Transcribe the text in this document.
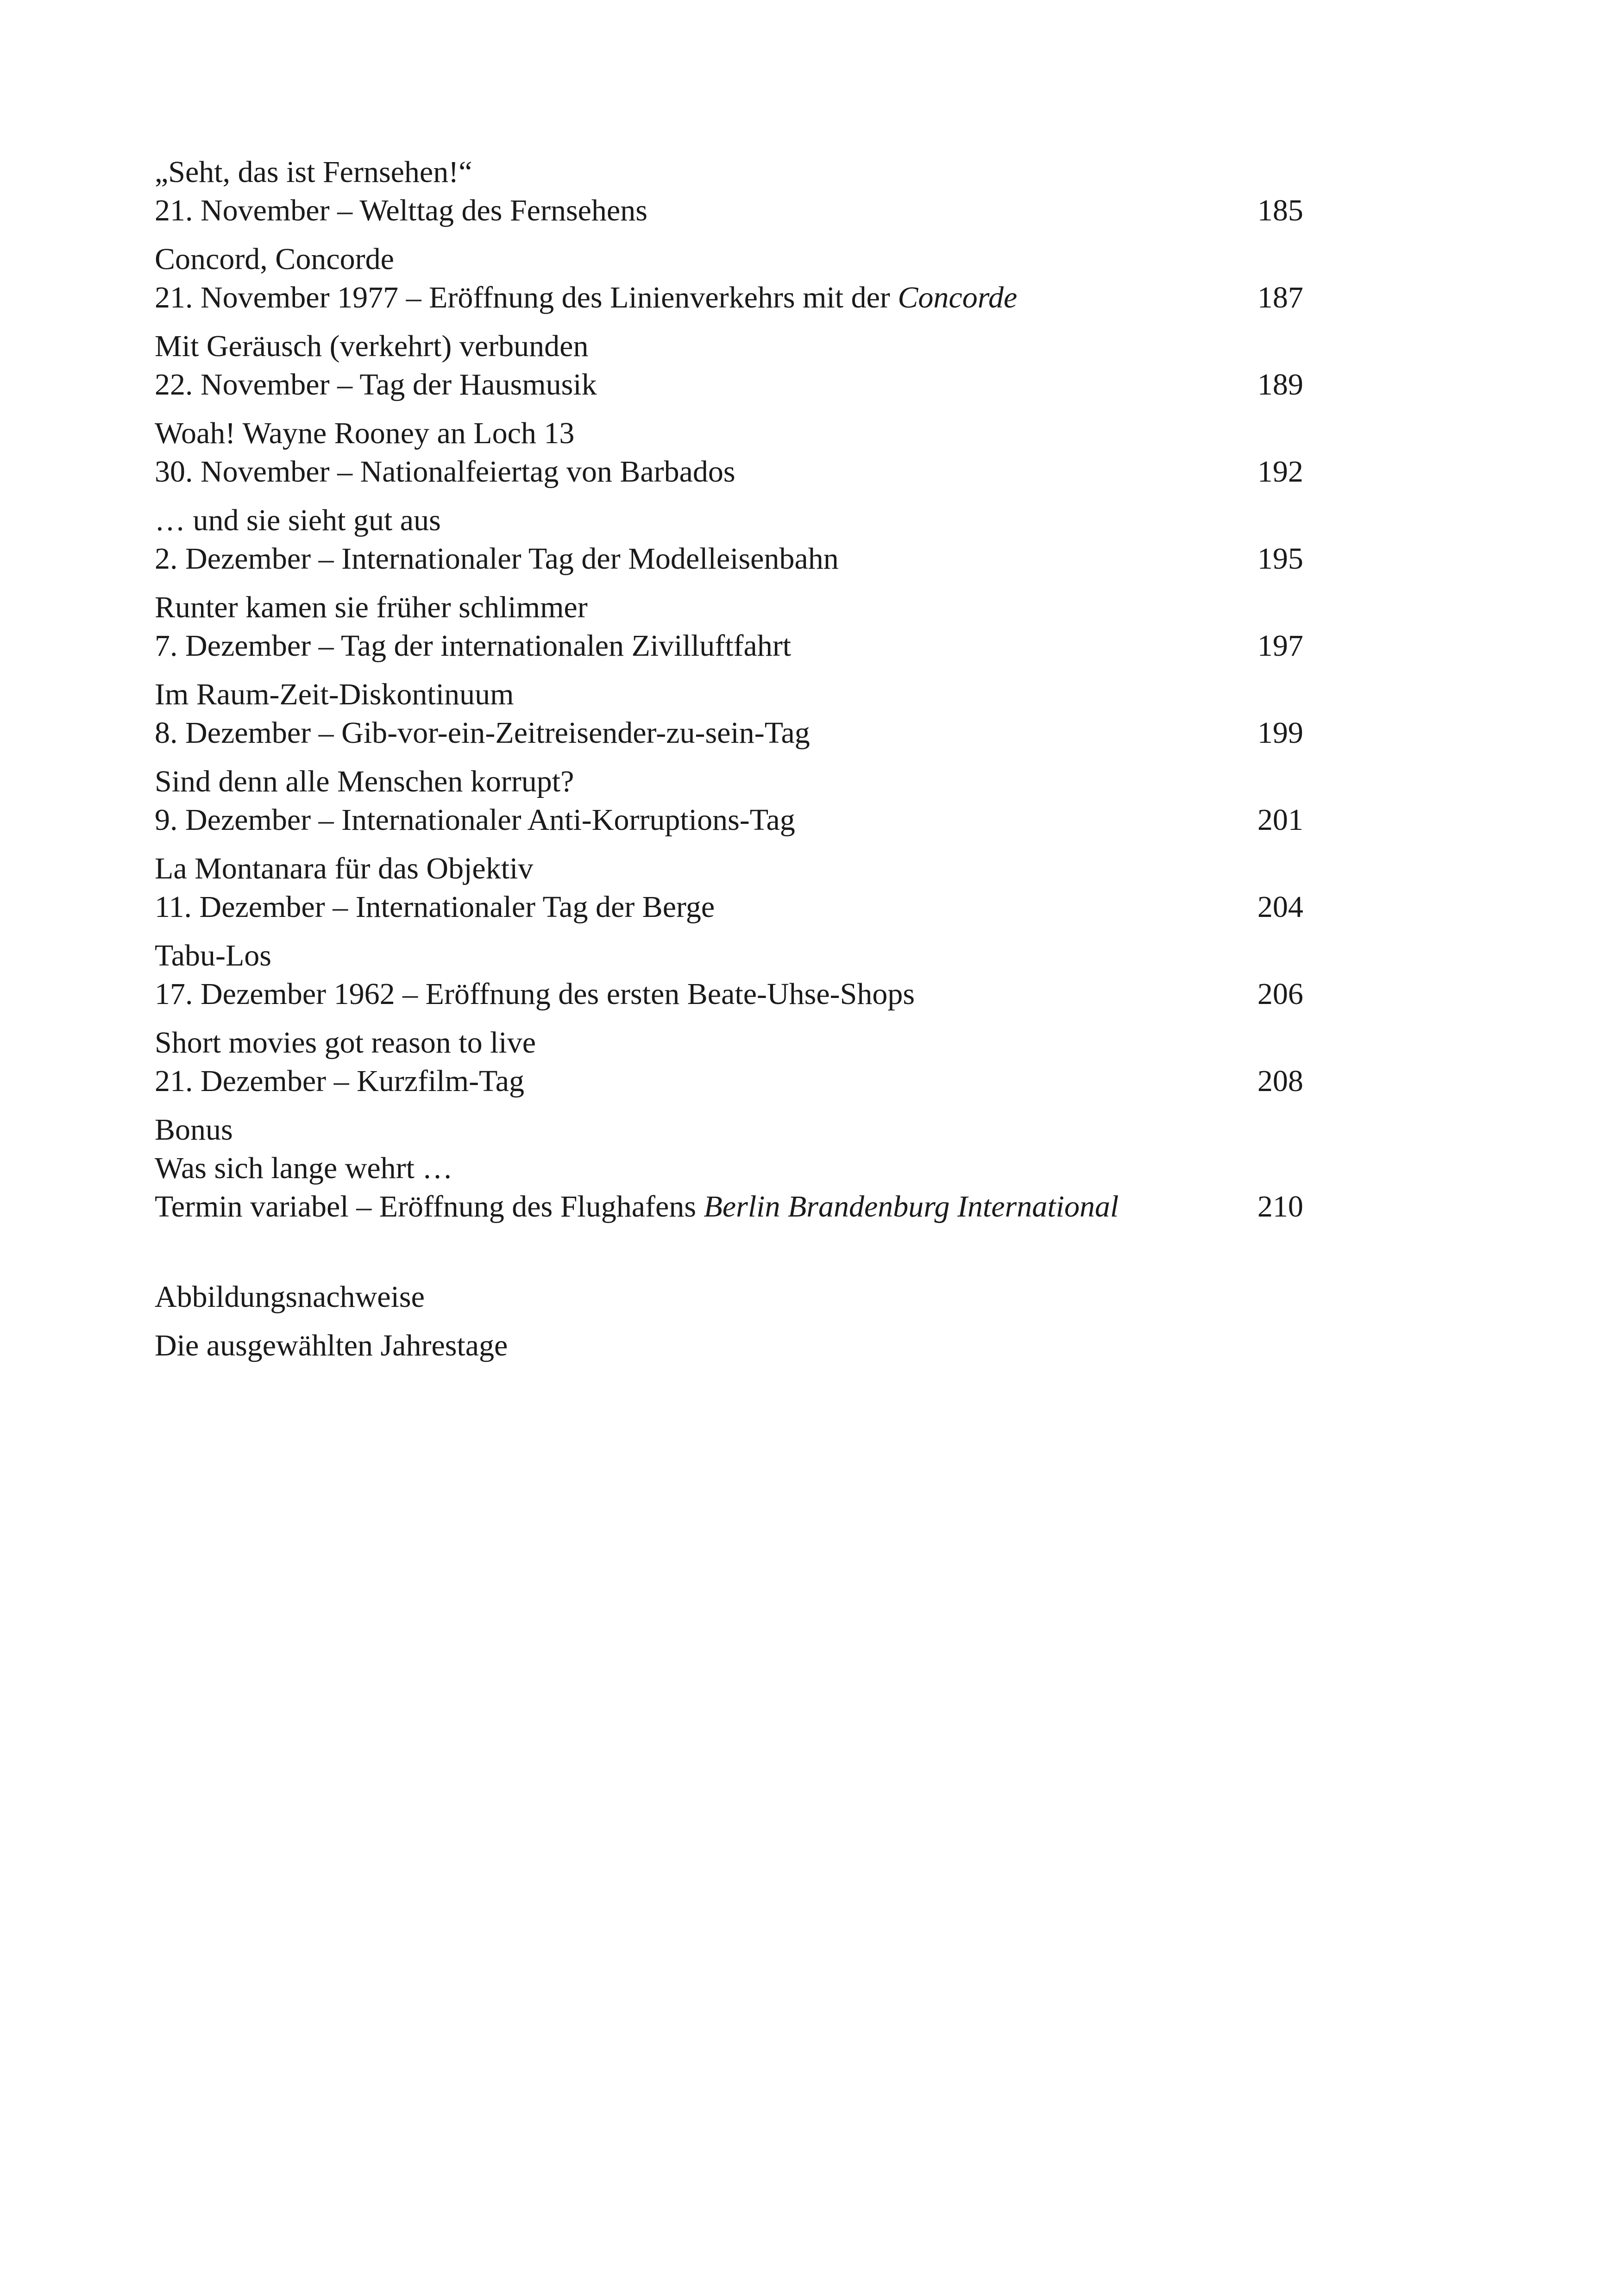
„Seht, das ist Fernsehen!“
21. November – Welttag des Fernsehens	185
Concord, Concorde
21. November 1977 – Eröffnung des Linienverkehrs mit der Concorde	187
Mit Geräusch (verkehrt) verbunden
22. November – Tag der Hausmusik	189
Woah! Wayne Rooney an Loch 13
30. November – Nationalfeiertag von Barbados	192
… und sie sieht gut aus
2. Dezember – Internationaler Tag der Modelleisenbahn	195
Runter kamen sie früher schlimmer
7. Dezember – Tag der internationalen Zivilluftfahrt	197
Im Raum-Zeit-Diskontinuum
8. Dezember – Gib-vor-ein-Zeitreisender-zu-sein-Tag	199
Sind denn alle Menschen korrupt?
9. Dezember – Internationaler Anti-Korruptions-Tag	201
La Montanara für das Objektiv
11. Dezember – Internationaler Tag der Berge	204
Tabu-Los
17. Dezember 1962 – Eröffnung des ersten Beate-Uhse-Shops	206
Short movies got reason to live
21. Dezember – Kurzfilm-Tag	208
Bonus
Was sich lange wehrt …
Termin variabel – Eröffnung des Flughafens Berlin Brandenburg International	210
Abbildungsnachweise
Die ausgewählten Jahrestage
